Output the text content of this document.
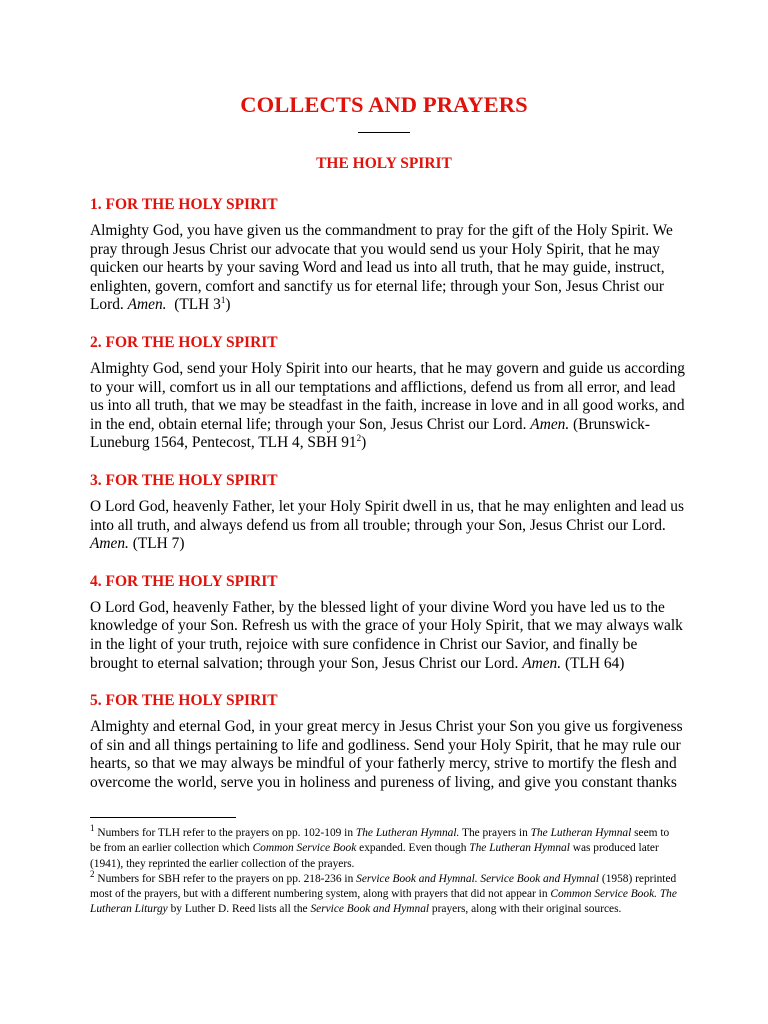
COLLECTS AND PRAYERS
THE HOLY SPIRIT
1. FOR THE HOLY SPIRIT
Almighty God, you have given us the commandment to pray for the gift of the Holy Spirit. We pray through Jesus Christ our advocate that you would send us your Holy Spirit, that he may quicken our hearts by your saving Word and lead us into all truth, that he may guide, instruct, enlighten, govern, comfort and sanctify us for eternal life; through your Son, Jesus Christ our Lord. Amen. (TLH $3^1$)
2. FOR THE HOLY SPIRIT
Almighty God, send your Holy Spirit into our hearts, that he may govern and guide us according to your will, comfort us in all our temptations and afflictions, defend us from all error, and lead us into all truth, that we may be steadfast in the faith, increase in love and in all good works, and in the end, obtain eternal life; through your Son, Jesus Christ our Lord. Amen. (Brunswick-Luneburg 1564, Pentecost, TLH 4, SBH $91^2$)
3. FOR THE HOLY SPIRIT
O Lord God, heavenly Father, let your Holy Spirit dwell in us, that he may enlighten and lead us into all truth, and always defend us from all trouble; through your Son, Jesus Christ our Lord. Amen. (TLH 7)
4. FOR THE HOLY SPIRIT
O Lord God, heavenly Father, by the blessed light of your divine Word you have led us to the knowledge of your Son. Refresh us with the grace of your Holy Spirit, that we may always walk in the light of your truth, rejoice with sure confidence in Christ our Savior, and finally be brought to eternal salvation; through your Son, Jesus Christ our Lord. Amen. (TLH 64)
5. FOR THE HOLY SPIRIT
Almighty and eternal God, in your great mercy in Jesus Christ your Son you give us forgiveness of sin and all things pertaining to life and godliness. Send your Holy Spirit, that he may rule our hearts, so that we may always be mindful of your fatherly mercy, strive to mortify the flesh and overcome the world, serve you in holiness and pureness of living, and give you constant thanks
$^1$ Numbers for TLH refer to the prayers on pp. 102-109 in The Lutheran Hymnal. The prayers in The Lutheran Hymnal seem to be from an earlier collection which Common Service Book expanded. Even though The Lutheran Hymnal was produced later (1941), they reprinted the earlier collection of the prayers.
$^2$ Numbers for SBH refer to the prayers on pp. 218-236 in Service Book and Hymnal. Service Book and Hymnal (1958) reprinted most of the prayers, but with a different numbering system, along with prayers that did not appear in Common Service Book. The Lutheran Liturgy by Luther D. Reed lists all the Service Book and Hymnal prayers, along with their original sources.
